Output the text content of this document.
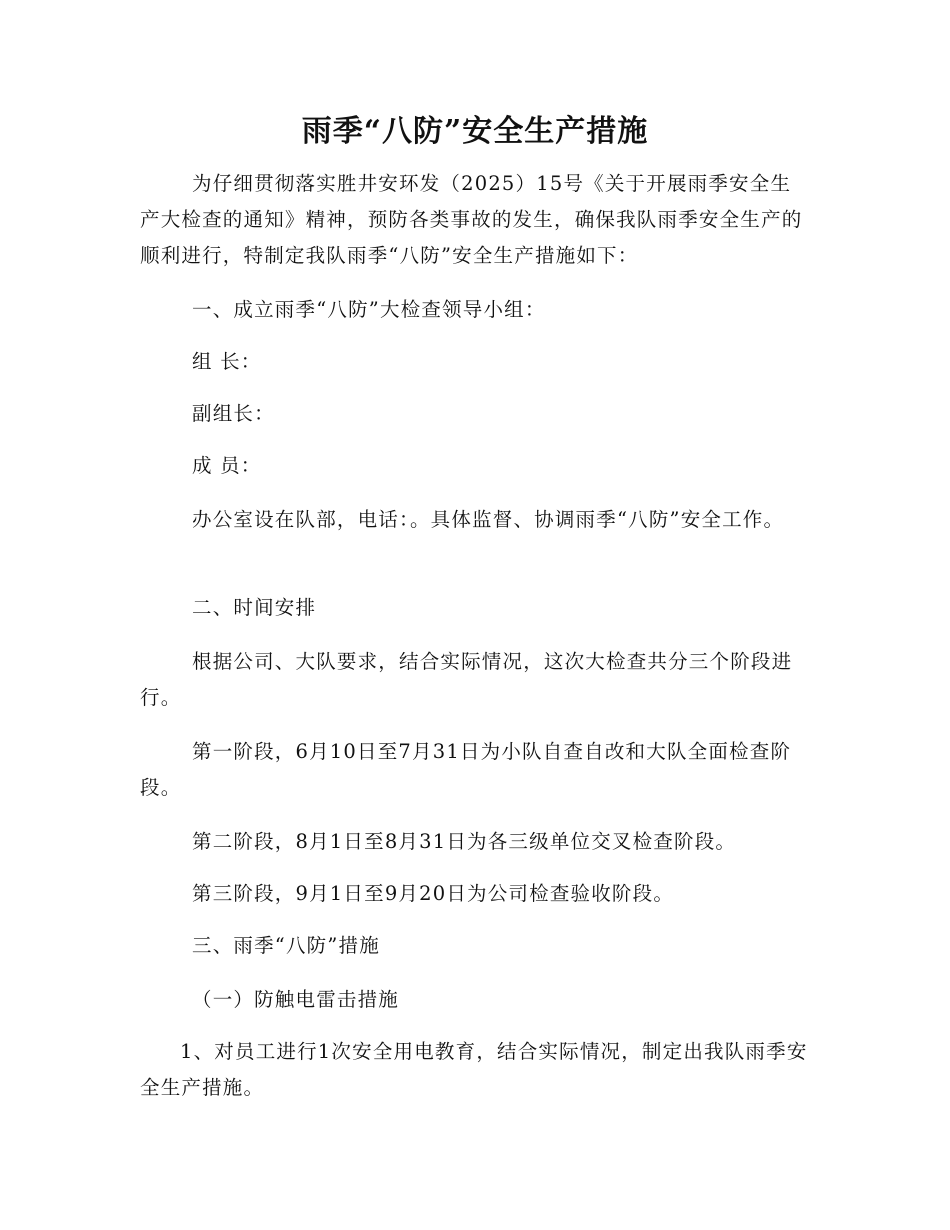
雨季“八防”安全生产措施
为仔细贯彻落实胜井安环发（2025）15号《关于开展雨季安全生产大检查的通知》精神，预防各类事故的发生，确保我队雨季安全生产的顺利进行，特制定我队雨季“八防”安全生产措施如下：
一、成立雨季“八防”大检查领导小组：
组 长：
副组长：
成 员：
办公室设在队部，电话：。具体监督、协调雨季“八防”安全工作。
二、时间安排
根据公司、大队要求，结合实际情况，这次大检查共分三个阶段进行。
第一阶段，6月10日至7月31日为小队自查自改和大队全面检查阶段。
第二阶段，8月1日至8月31日为各三级单位交叉检查阶段。
第三阶段，9月1日至9月20日为公司检查验收阶段。
三、雨季“八防”措施
（一）防触电雷击措施
1、对员工进行1次安全用电教育，结合实际情况，制定出我队雨季安全生产措施。
